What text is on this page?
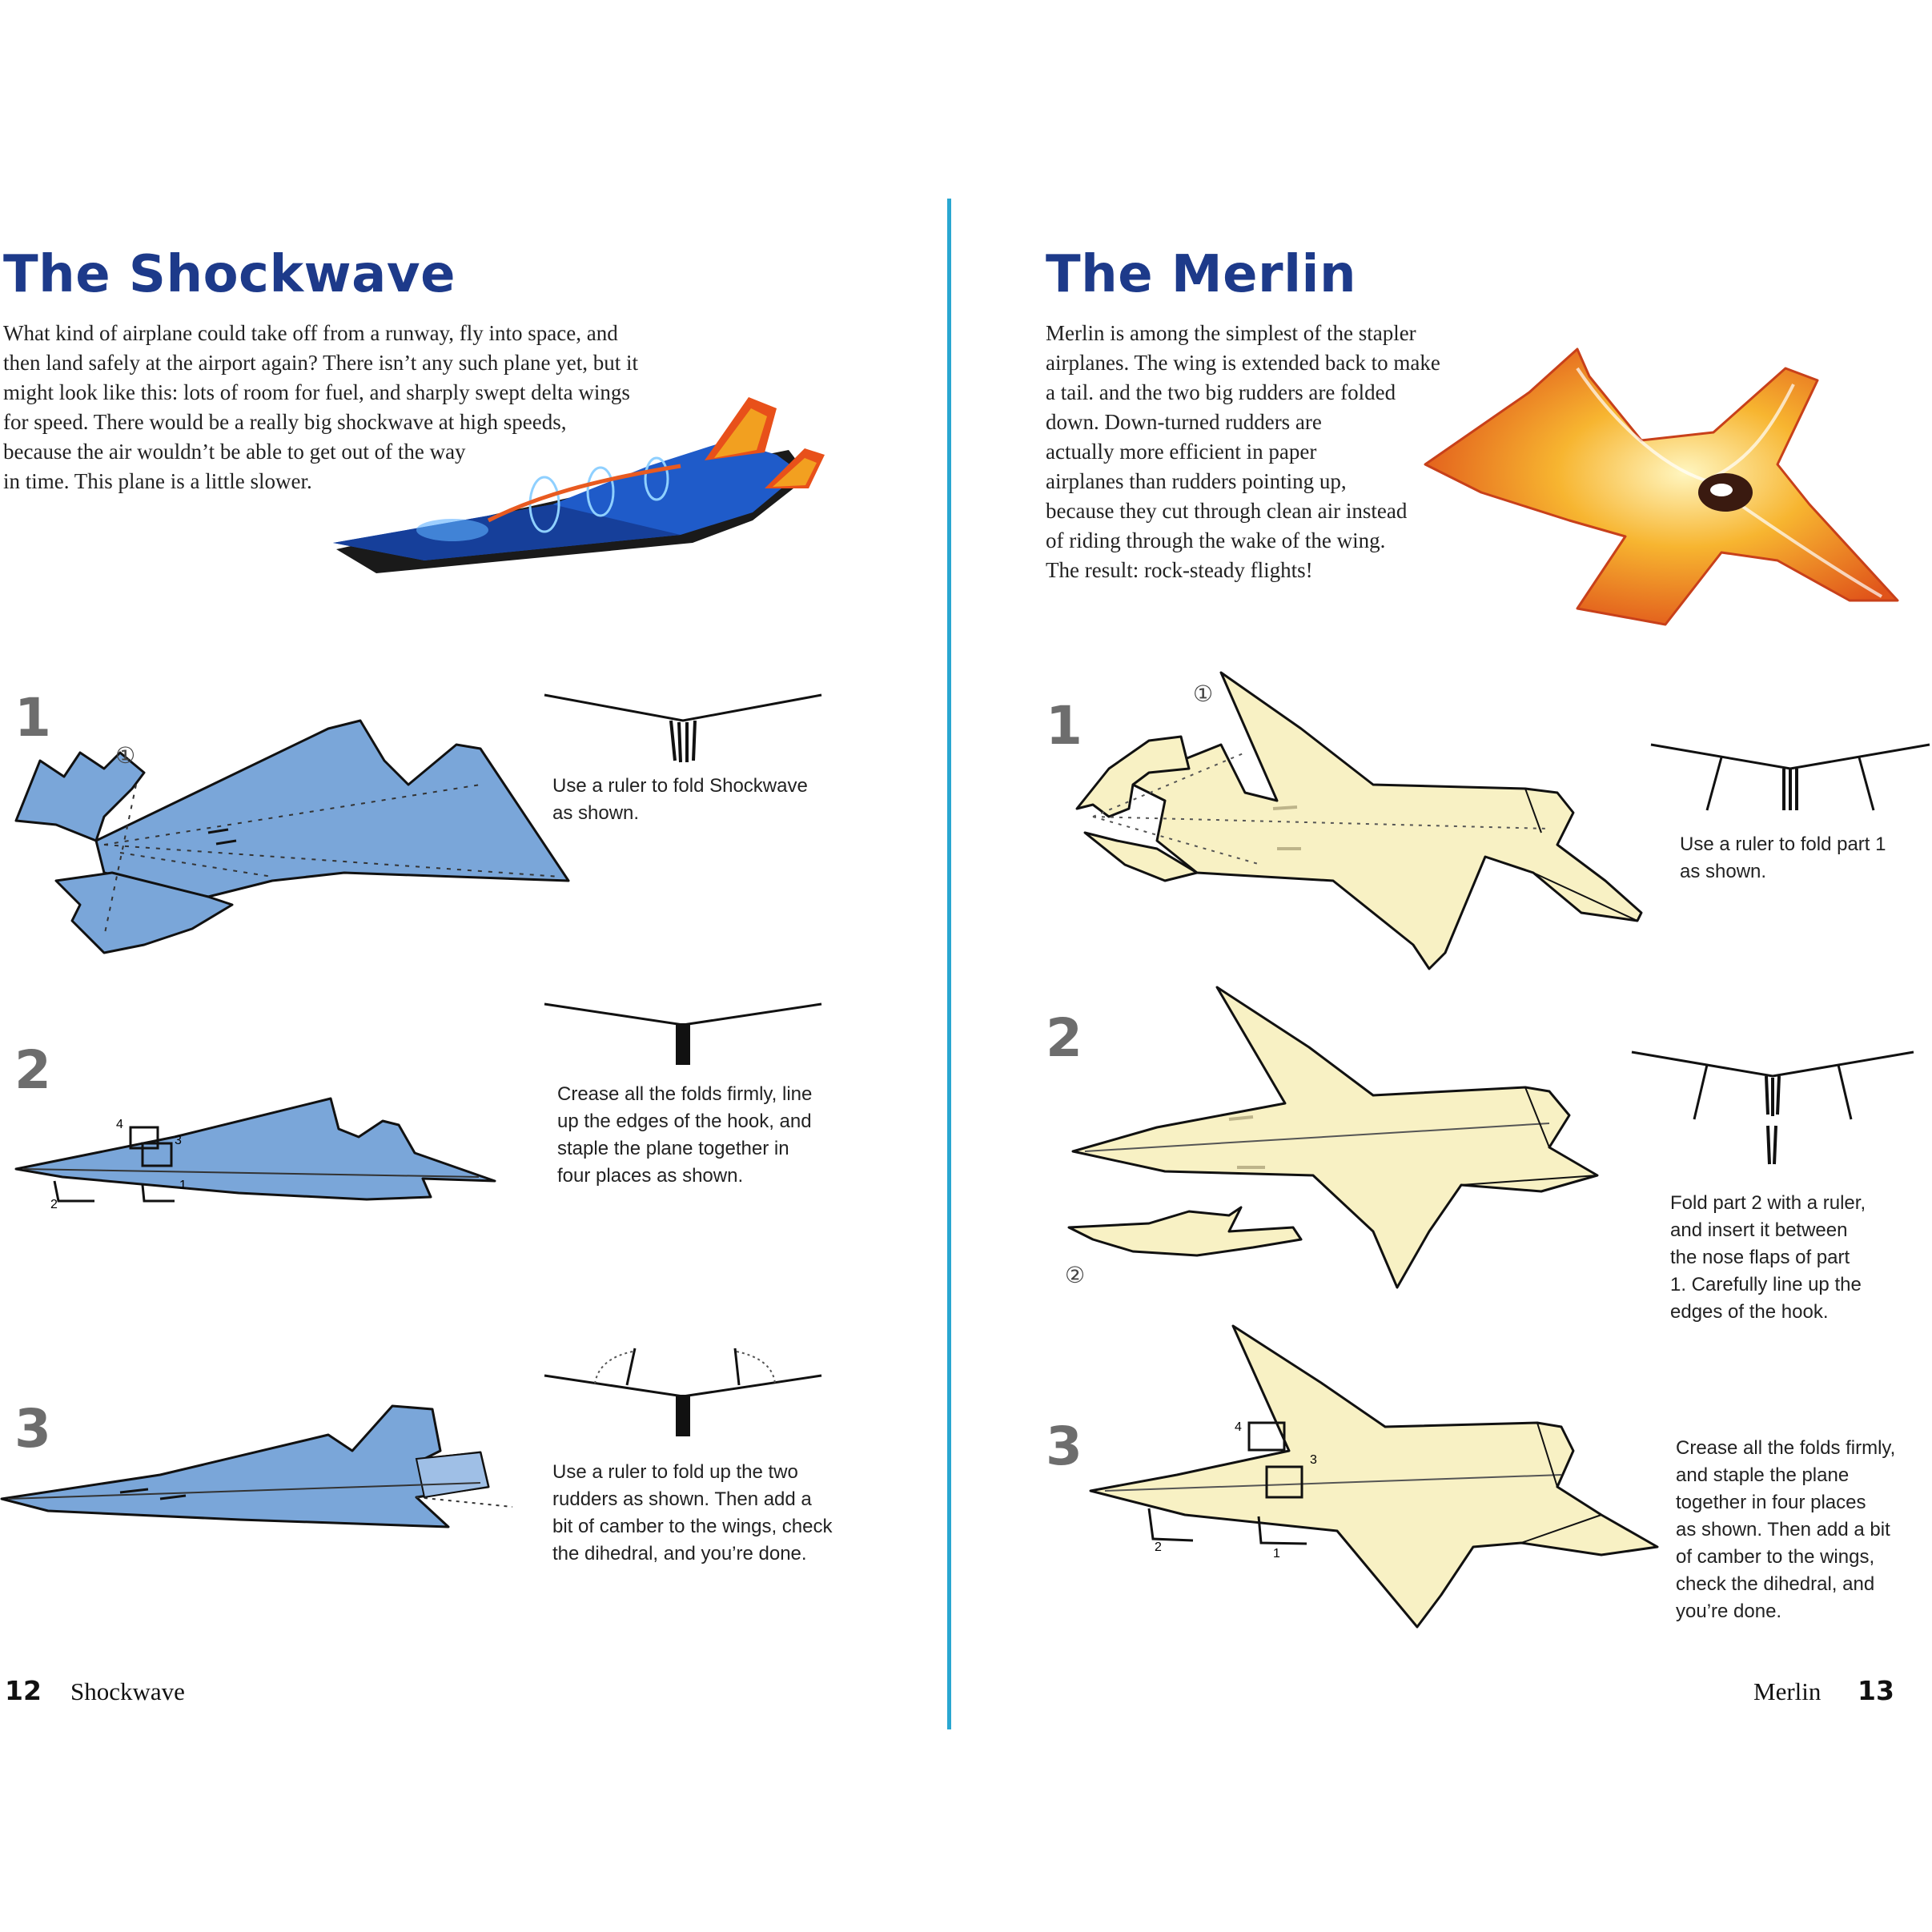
The Shockwave

What kind of airplane could take off from a runway, fly into space, and

then land safely at the airport again? There isn’t any such plane yet, but it

might look like this: lots of room for fuel, and sharply swept delta wings

for speed. There would be a really big shockwave at high speeds,

because the air wouldn’t be able to get out of the way

in time. This plane is a little slower.

1
2
3
①

Use a ruler to fold Shockwave

as shown.

1
2
3
4

Crease all the folds firmly, line

up the edges of the hook, and

staple the plane together in

four places as shown.

Use a ruler to fold up the two

rudders as shown. Then add a

bit of camber to the wings, check

the dihedral, and you’re done.

12 Shockwave
The Merlin

Merlin is among the simplest of the stapler

airplanes. The wing is extended back to make

a tail. and the two big rudders are folded

down. Down-turned rudders are

actually more efficient in paper

airplanes than rudders pointing up,

because they cut through clean air instead

of riding through the wake of the wing.

The result: rock-steady flights!

1
2
3
①

Use a ruler to fold part 1

as shown.

②

Fold part 2 with a ruler,

and insert it between

the nose flaps of part

1. Carefully line up the

edges of the hook.

1
2
3
4

Crease all the folds firmly,

and staple the plane

together in four places

as shown. Then add a bit

of camber to the wings,

check the dihedral, and

you’re done.

Merlin 13
